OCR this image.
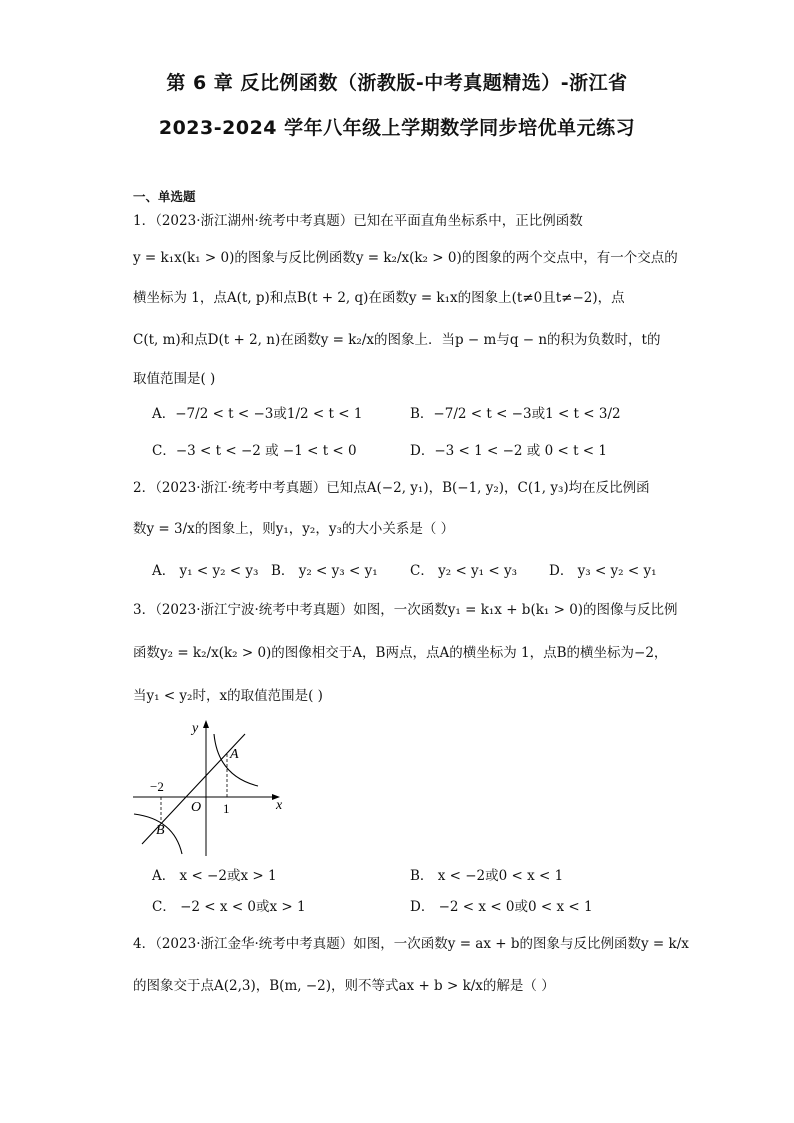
第 6 章 反比例函数（浙教版-中考真题精选）-浙江省
2023-2024 学年八年级上学期数学同步培优单元练习
一、单选题
1．（2023·浙江湖州·统考中考真题）已知在平面直角坐标系中，正比例函数
y = k₁x(k₁ > 0)的图象与反比例函数y = k₂/x(k₂ > 0)的图象的两个交点中，有一个交点的
横坐标为 1，点A(t, p)和点B(t + 2, q)在函数y = k₁x的图象上(t≠0且t≠−2)，点
C(t, m)和点D(t + 2, n)在函数y = k₂/x的图象上．当p − m与q − n的积为负数时，t的
取值范围是( )
A．−7/2 < t < −3或1/2 < t < 1	B．−7/2 < t < −3或1 < t < 3/2
C．−3 < t < −2 或 −1 < t < 0	D．−3 < 1 < −2 或 0 < t < 1
2．（2023·浙江·统考中考真题）已知点A(−2, y₁)，B(−1, y₂)，C(1, y₃)均在反比例函
数y = 3/x的图象上，则y₁，y₂，y₃的大小关系是（ ）
A． y₁ < y₂ < y₃ B． y₂ < y₃ < y₁ C． y₂ < y₁ < y₃ D． y₃ < y₂ < y₁
3．（2023·浙江宁波·统考中考真题）如图，一次函数y₁ = k₁x + b(k₁ > 0)的图像与反比例
函数y₂ = k₂/x(k₂ > 0)的图像相交于A，B两点，点A的横坐标为 1，点B的横坐标为−2，
当y₁ < y₂时，x的取值范围是( )
y
x
O
A
B
1
−2
A． x < −2或x > 1	B． x < −2或0 < x < 1
C． −2 < x < 0或x > 1	D． −2 < x < 0或0 < x < 1
4．（2023·浙江金华·统考中考真题）如图，一次函数y = ax + b的图象与反比例函数y = k/x
的图象交于点A(2,3)，B(m, −2)，则不等式ax + b > k/x的解是（ ）
